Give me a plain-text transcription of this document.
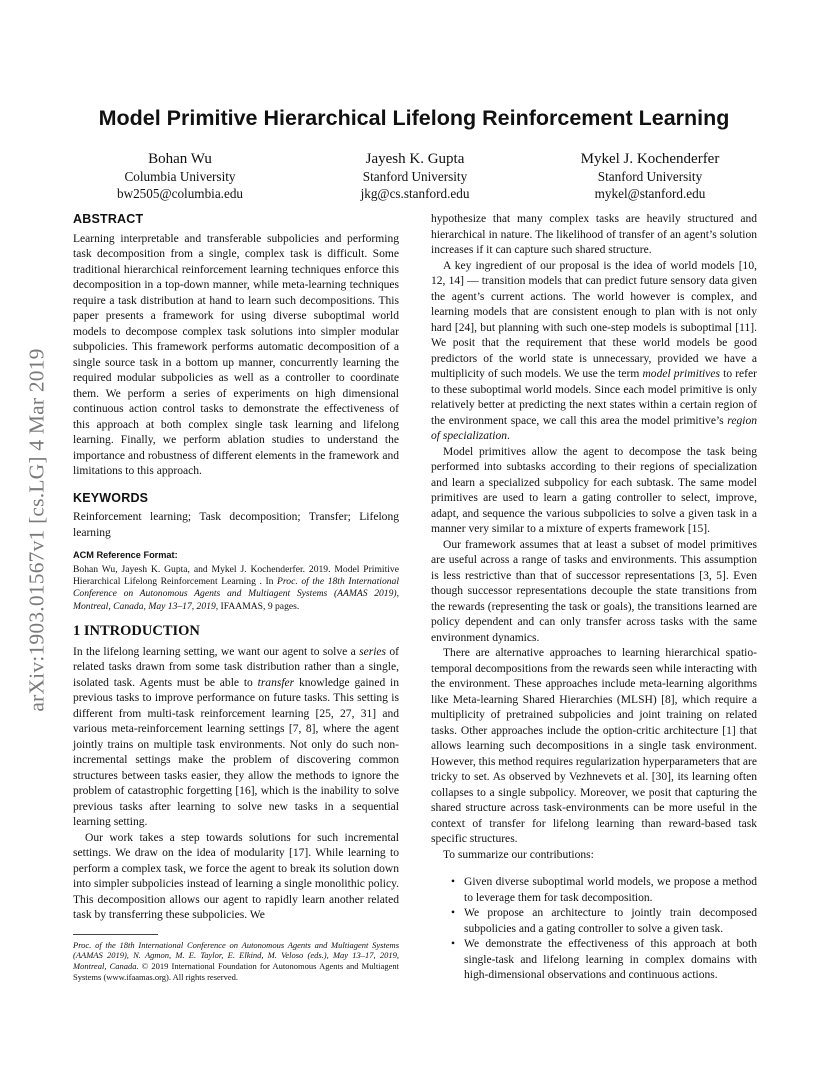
arXiv:1903.01567v1 [cs.LG] 4 Mar 2019
Model Primitive Hierarchical Lifelong Reinforcement Learning
Bohan Wu
Columbia University
bw2505@columbia.edu
Jayesh K. Gupta
Stanford University
jkg@cs.stanford.edu
Mykel J. Kochenderfer
Stanford University
mykel@stanford.edu
ABSTRACT

Learning interpretable and transferable subpolicies and performing task decomposition from a single, complex task is difficult. Some traditional hierarchical reinforcement learning techniques enforce this decomposition in a top-down manner, while meta-learning techniques require a task distribution at hand to learn such decompositions. This paper presents a framework for using diverse suboptimal world models to decompose complex task solutions into simpler modular subpolicies. This framework performs automatic decomposition of a single source task in a bottom up manner, concurrently learning the required modular subpolicies as well as a controller to coordinate them. We perform a series of experiments on high dimensional continuous action control tasks to demonstrate the effectiveness of this approach at both complex single task learning and lifelong learning. Finally, we perform ablation studies to understand the importance and robustness of different elements in the framework and limitations to this approach.

KEYWORDS

Reinforcement learning; Task decomposition; Transfer; Lifelong learning

ACM Reference Format:
Bohan Wu, Jayesh K. Gupta, and Mykel J. Kochenderfer. 2019. Model Primitive Hierarchical Lifelong Reinforcement Learning . In Proc. of the 18th International Conference on Autonomous Agents and Multiagent Systems (AAMAS 2019), Montreal, Canada, May 13–17, 2019, IFAAMAS, 9 pages.
1 INTRODUCTION

In the lifelong learning setting, we want our agent to solve a series of related tasks drawn from some task distribution rather than a single, isolated task. Agents must be able to transfer knowledge gained in previous tasks to improve performance on future tasks. This setting is different from multi-task reinforcement learning [25, 27, 31] and various meta-reinforcement learning settings [7, 8], where the agent jointly trains on multiple task environments. Not only do such non-incremental settings make the problem of discovering common structures between tasks easier, they allow the methods to ignore the problem of catastrophic forgetting [16], which is the inability to solve previous tasks after learning to solve new tasks in a sequential learning setting.

Our work takes a step towards solutions for such incremental settings. We draw on the idea of modularity [17]. While learning to perform a complex task, we force the agent to break its solution down into simpler subpolicies instead of learning a single monolithic policy. This decomposition allows our agent to rapidly learn another related task by transferring these subpolicies. We

Proc. of the 18th International Conference on Autonomous Agents and Multiagent Systems (AAMAS 2019), N. Agmon, M. E. Taylor, E. Elkind, M. Veloso (eds.), May 13–17, 2019, Montreal, Canada. © 2019 International Foundation for Autonomous Agents and Multiagent Systems (www.ifaamas.org). All rights reserved.

hypothesize that many complex tasks are heavily structured and hierarchical in nature. The likelihood of transfer of an agent’s solution increases if it can capture such shared structure.

A key ingredient of our proposal is the idea of world models [10, 12, 14] — transition models that can predict future sensory data given the agent’s current actions. The world however is complex, and learning models that are consistent enough to plan with is not only hard [24], but planning with such one-step models is suboptimal [11]. We posit that the requirement that these world models be good predictors of the world state is unnecessary, provided we have a multiplicity of such models. We use the term model primitives to refer to these suboptimal world models. Since each model primitive is only relatively better at predicting the next states within a certain region of the environment space, we call this area the model primitive’s region of specialization.

Model primitives allow the agent to decompose the task being performed into subtasks according to their regions of specialization and learn a specialized subpolicy for each subtask. The same model primitives are used to learn a gating controller to select, improve, adapt, and sequence the various subpolicies to solve a given task in a manner very similar to a mixture of experts framework [15].

Our framework assumes that at least a subset of model primitives are useful across a range of tasks and environments. This assumption is less restrictive than that of successor representations [3, 5]. Even though successor representations decouple the state transitions from the rewards (representing the task or goals), the transitions learned are policy dependent and can only transfer across tasks with the same environment dynamics.

There are alternative approaches to learning hierarchical spatio-temporal decompositions from the rewards seen while interacting with the environment. These approaches include meta-learning algorithms like Meta-learning Shared Hierarchies (MLSH) [8], which require a multiplicity of pretrained subpolicies and joint training on related tasks. Other approaches include the option-critic architecture [1] that allows learning such decompositions in a single task environment. However, this method requires regularization hyperparameters that are tricky to set. As observed by Vezhnevets et al. [30], its learning often collapses to a single subpolicy. Moreover, we posit that capturing the shared structure across task-environments can be more useful in the context of transfer for lifelong learning than reward-based task specific structures.

To summarize our contributions:

• Given diverse suboptimal world models, we propose a method to leverage them for task decomposition.
• We propose an architecture to jointly train decomposed subpolicies and a gating controller to solve a given task.
• We demonstrate the effectiveness of this approach at both single-task and lifelong learning in complex domains with high-dimensional observations and continuous actions.
